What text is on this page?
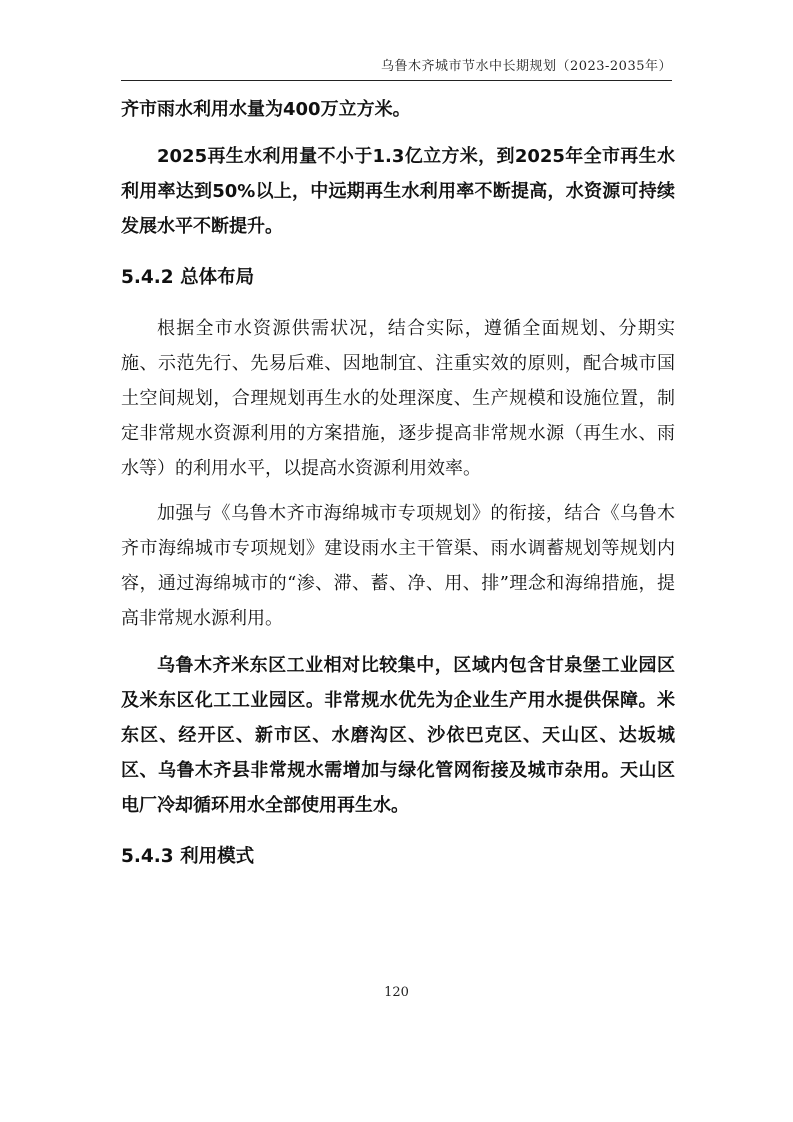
乌鲁木齐城市节水中长期规划（2023-2035年）

齐市雨水利用水量为400万立方米。

2025再生水利用量不小于1.3亿立方米，到2025年全市再生水利用率达到50%以上，中远期再生水利用率不断提高，水资源可持续发展水平不断提升。

5.4.2 总体布局

根据全市水资源供需状况，结合实际，遵循全面规划、分期实施、示范先行、先易后难、因地制宜、注重实效的原则，配合城市国土空间规划，合理规划再生水的处理深度、生产规模和设施位置，制定非常规水资源利用的方案措施，逐步提高非常规水源（再生水、雨水等）的利用水平，以提高水资源利用效率。

加强与《乌鲁木齐市海绵城市专项规划》的衔接，结合《乌鲁木齐市海绵城市专项规划》建设雨水主干管渠、雨水调蓄规划等规划内容，通过海绵城市的“渗、滞、蓄、净、用、排”理念和海绵措施，提高非常规水源利用。

乌鲁木齐米东区工业相对比较集中，区域内包含甘泉堡工业园区及米东区化工工业园区。非常规水优先为企业生产用水提供保障。米东区、经开区、新市区、水磨沟区、沙依巴克区、天山区、达坂城区、乌鲁木齐县非常规水需增加与绿化管网衔接及城市杂用。天山区电厂冷却循环用水全部使用再生水。

5.4.3 利用模式
120
